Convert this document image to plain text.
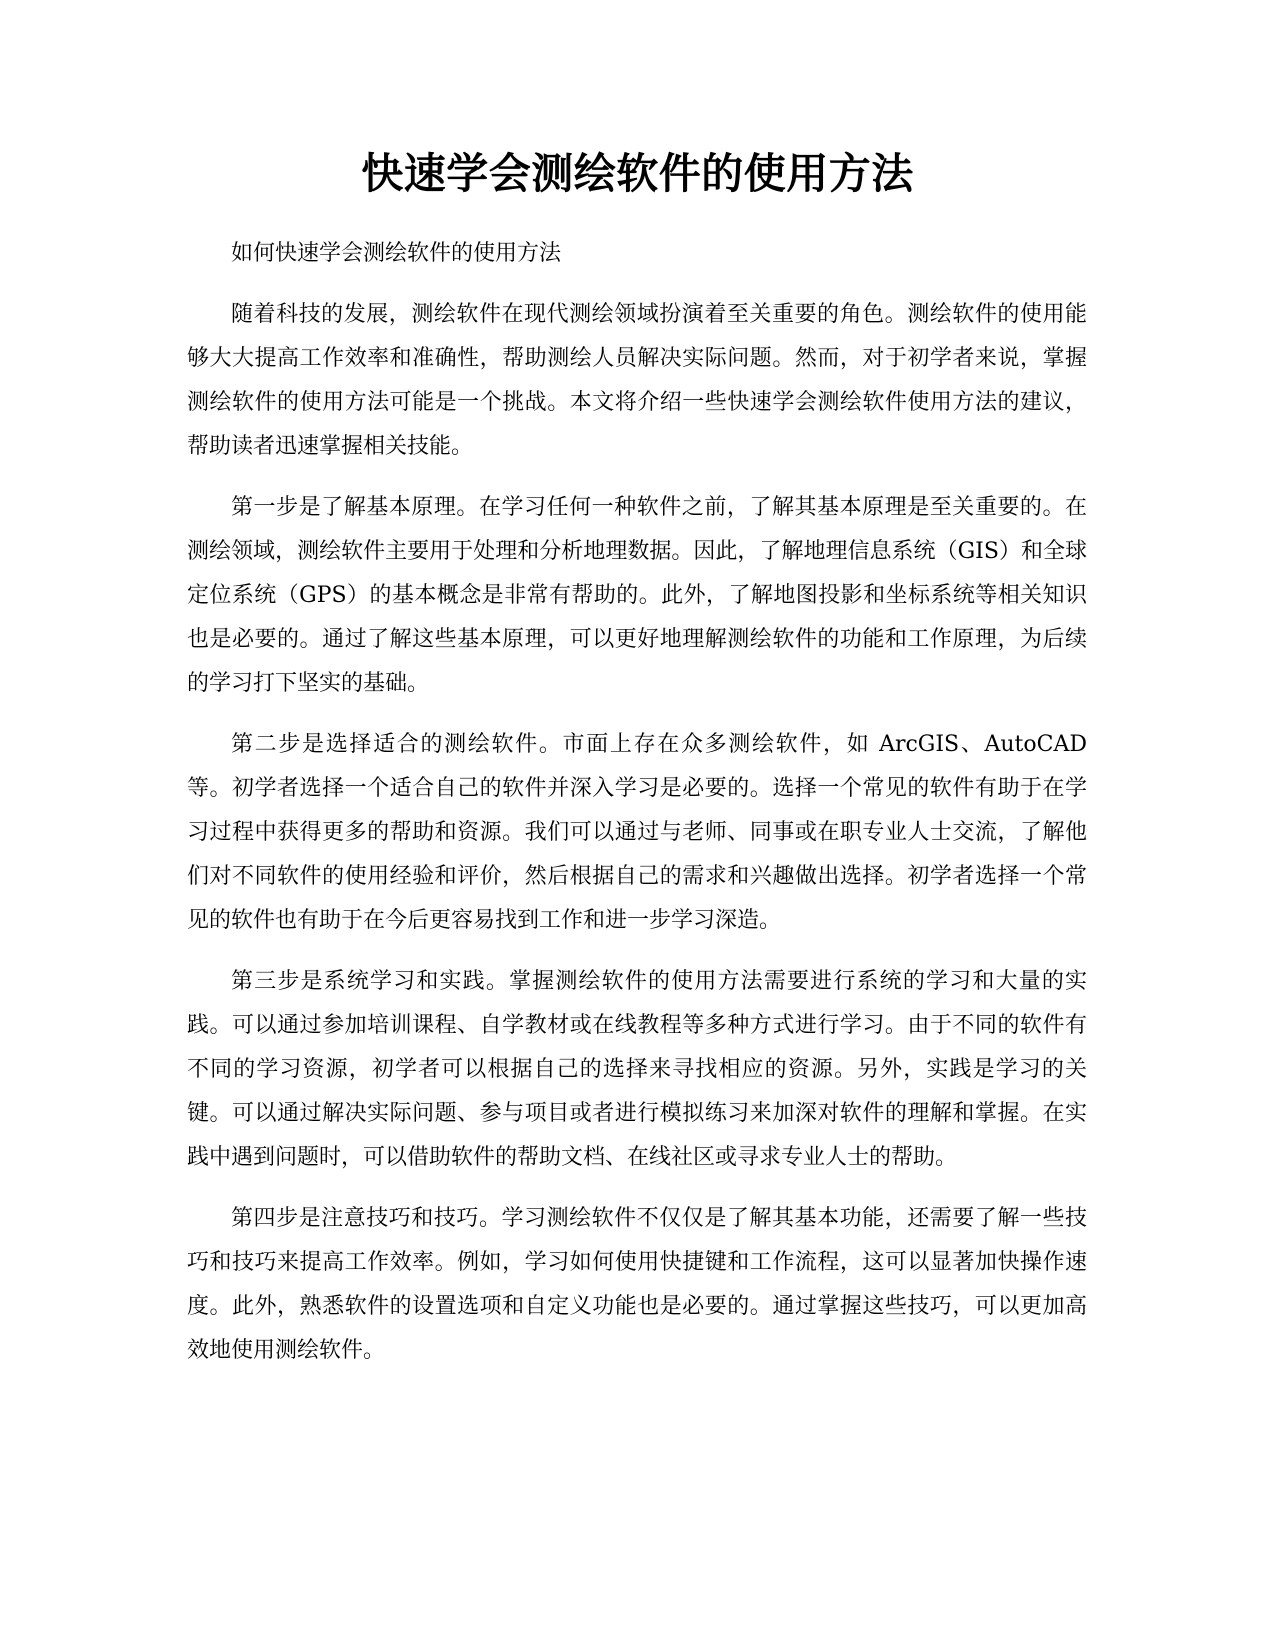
快速学会测绘软件的使用方法

如何快速学会测绘软件的使用方法

随着科技的发展，测绘软件在现代测绘领域扮演着至关重要的角色。测绘软件的使用能够大大提高工作效率和准确性，帮助测绘人员解决实际问题。然而，对于初学者来说，掌握测绘软件的使用方法可能是一个挑战。本文将介绍一些快速学会测绘软件使用方法的建议，帮助读者迅速掌握相关技能。

第一步是了解基本原理。在学习任何一种软件之前，了解其基本原理是至关重要的。在测绘领域，测绘软件主要用于处理和分析地理数据。因此，了解地理信息系统（GIS）和全球定位系统（GPS）的基本概念是非常有帮助的。此外，了解地图投影和坐标系统等相关知识也是必要的。通过了解这些基本原理，可以更好地理解测绘软件的功能和工作原理，为后续的学习打下坚实的基础。

第二步是选择适合的测绘软件。市面上存在众多测绘软件，如 ArcGIS、AutoCAD 等。初学者选择一个适合自己的软件并深入学习是必要的。选择一个常见的软件有助于在学习过程中获得更多的帮助和资源。我们可以通过与老师、同事或在职专业人士交流，了解他们对不同软件的使用经验和评价，然后根据自己的需求和兴趣做出选择。初学者选择一个常见的软件也有助于在今后更容易找到工作和进一步学习深造。

第三步是系统学习和实践。掌握测绘软件的使用方法需要进行系统的学习和大量的实践。可以通过参加培训课程、自学教材或在线教程等多种方式进行学习。由于不同的软件有不同的学习资源，初学者可以根据自己的选择来寻找相应的资源。另外，实践是学习的关键。可以通过解决实际问题、参与项目或者进行模拟练习来加深对软件的理解和掌握。在实践中遇到问题时，可以借助软件的帮助文档、在线社区或寻求专业人士的帮助。

第四步是注意技巧和技巧。学习测绘软件不仅仅是了解其基本功能，还需要了解一些技巧和技巧来提高工作效率。例如，学习如何使用快捷键和工作流程，这可以显著加快操作速度。此外，熟悉软件的设置选项和自定义功能也是必要的。通过掌握这些技巧，可以更加高效地使用测绘软件。
